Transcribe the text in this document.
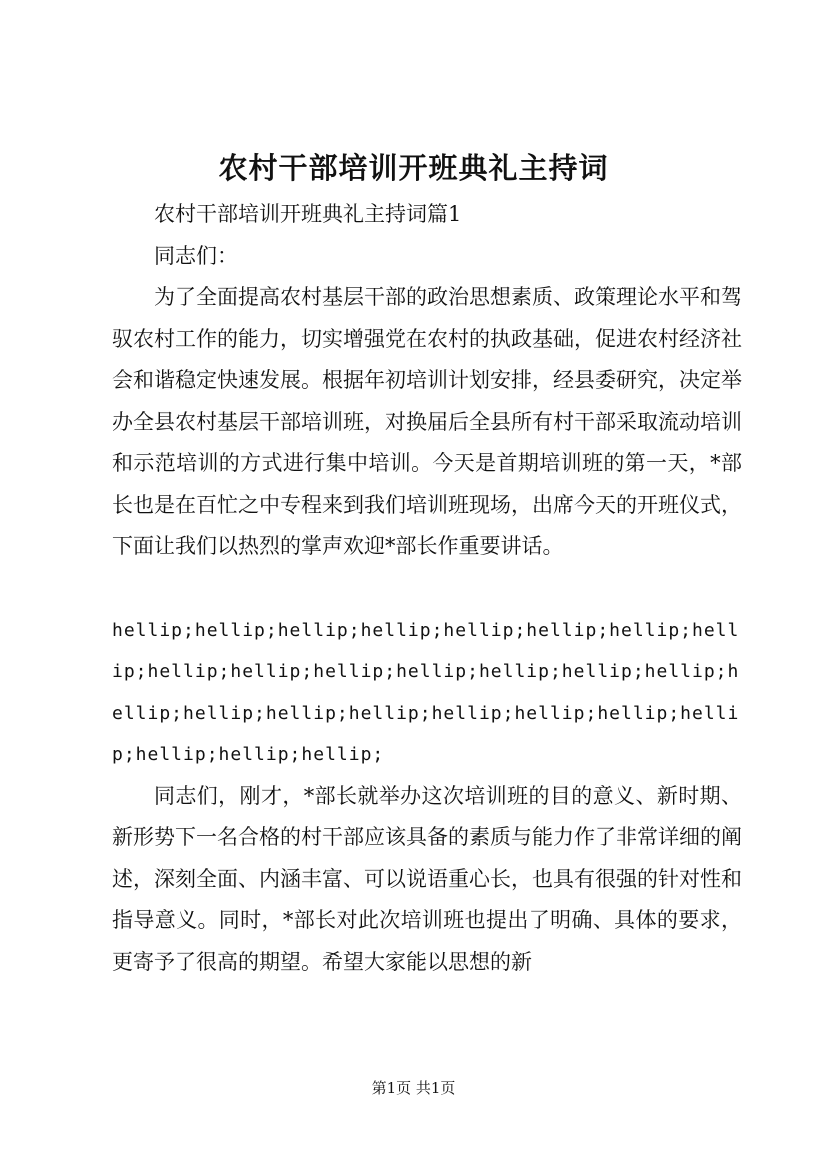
农村干部培训开班典礼主持词

农村干部培训开班典礼主持词篇1

同志们：

为了全面提高农村基层干部的政治思想素质、政策理论水平和驾驭农村工作的能力，切实增强党在农村的执政基础，促进农村经济社会和谐稳定快速发展。根据年初培训计划安排，经县委研究，决定举办全县农村基层干部培训班，对换届后全县所有村干部采取流动培训和示范培训的方式进行集中培训。今天是首期培训班的第一天，*部长也是在百忙之中专程来到我们培训班现场，出席今天的开班仪式，下面让我们以热烈的掌声欢迎*部长作重要讲话。

hellip;hellip;hellip;hellip;hellip;hellip;hellip;hellip;hellip;hellip;hellip;hellip;hellip;hellip;hellip;hellip;hellip;hellip;hellip;hellip;hellip;hellip;hellip;hellip;hellip;hellip;

同志们，刚才，*部长就举办这次培训班的目的意义、新时期、新形势下一名合格的村干部应该具备的素质与能力作了非常详细的阐述，深刻全面、内涵丰富、可以说语重心长，也具有很强的针对性和指导意义。同时，*部长对此次培训班也提出了明确、具体的要求，更寄予了很高的期望。希望大家能以思想的新

第1页 共1页
